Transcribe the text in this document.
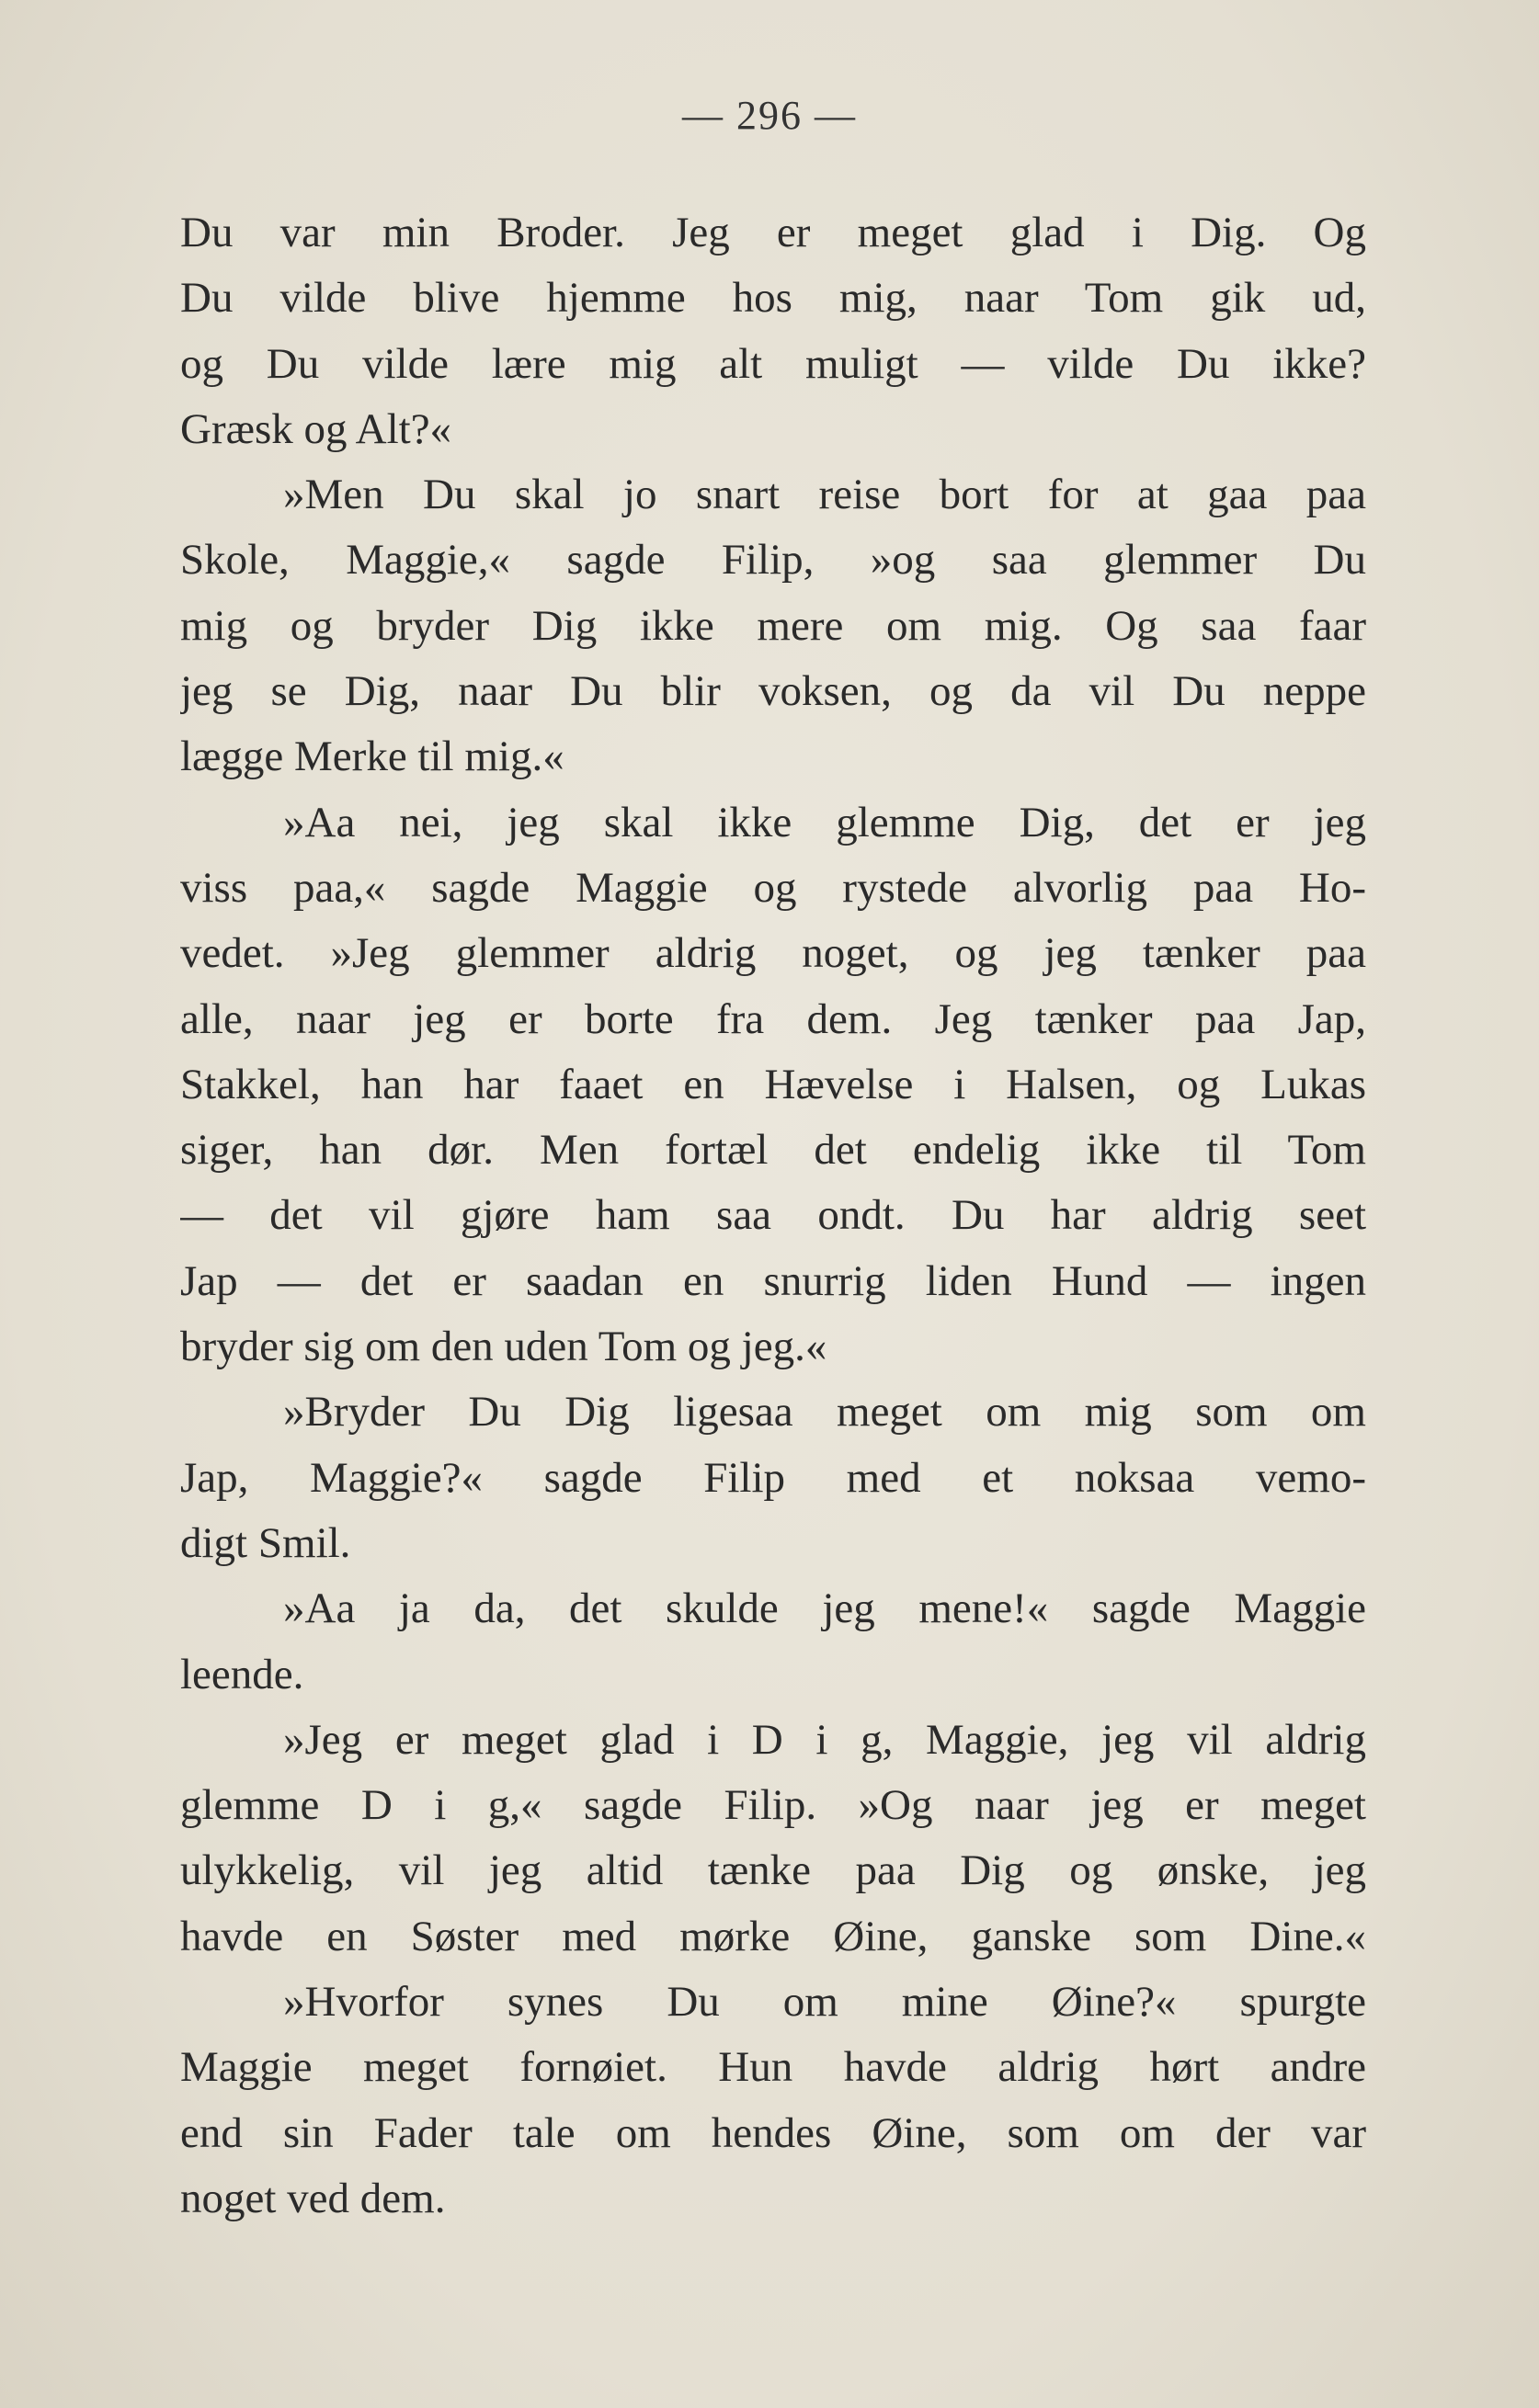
— 296 —
Du var min Broder. Jeg er meget glad i Dig. Og
Du vilde blive hjemme hos mig, naar Tom gik ud,
og Du vilde lære mig alt muligt — vilde Du ikke?
Græsk og Alt?«
»Men Du skal jo snart reise bort for at gaa paa
Skole, Maggie,« sagde Filip, »og saa glemmer Du
mig og bryder Dig ikke mere om mig. Og saa faar
jeg se Dig, naar Du blir voksen, og da vil Du neppe
lægge Merke til mig.«
»Aa nei, jeg skal ikke glemme Dig, det er jeg
viss paa,« sagde Maggie og rystede alvorlig paa Ho-
vedet. »Jeg glemmer aldrig noget, og jeg tænker paa
alle, naar jeg er borte fra dem. Jeg tænker paa Jap,
Stakkel, han har faaet en Hævelse i Halsen, og Lukas
siger, han dør. Men fortæl det endelig ikke til Tom
— det vil gjøre ham saa ondt. Du har aldrig seet
Jap — det er saadan en snurrig liden Hund — ingen
bryder sig om den uden Tom og jeg.«
»Bryder Du Dig ligesaa meget om mig som om
Jap, Maggie?« sagde Filip med et noksaa vemo-
digt Smil.
»Aa ja da, det skulde jeg mene!« sagde Maggie
leende.
»Jeg er meget glad i D i g, Maggie, jeg vil aldrig
glemme D i g,« sagde Filip. »Og naar jeg er meget
ulykkelig, vil jeg altid tænke paa Dig og ønske, jeg
havde en Søster med mørke Øine, ganske som Dine.«
»Hvorfor synes Du om mine Øine?« spurgte
Maggie meget fornøiet. Hun havde aldrig hørt andre
end sin Fader tale om hendes Øine, som om der var
noget ved dem.
